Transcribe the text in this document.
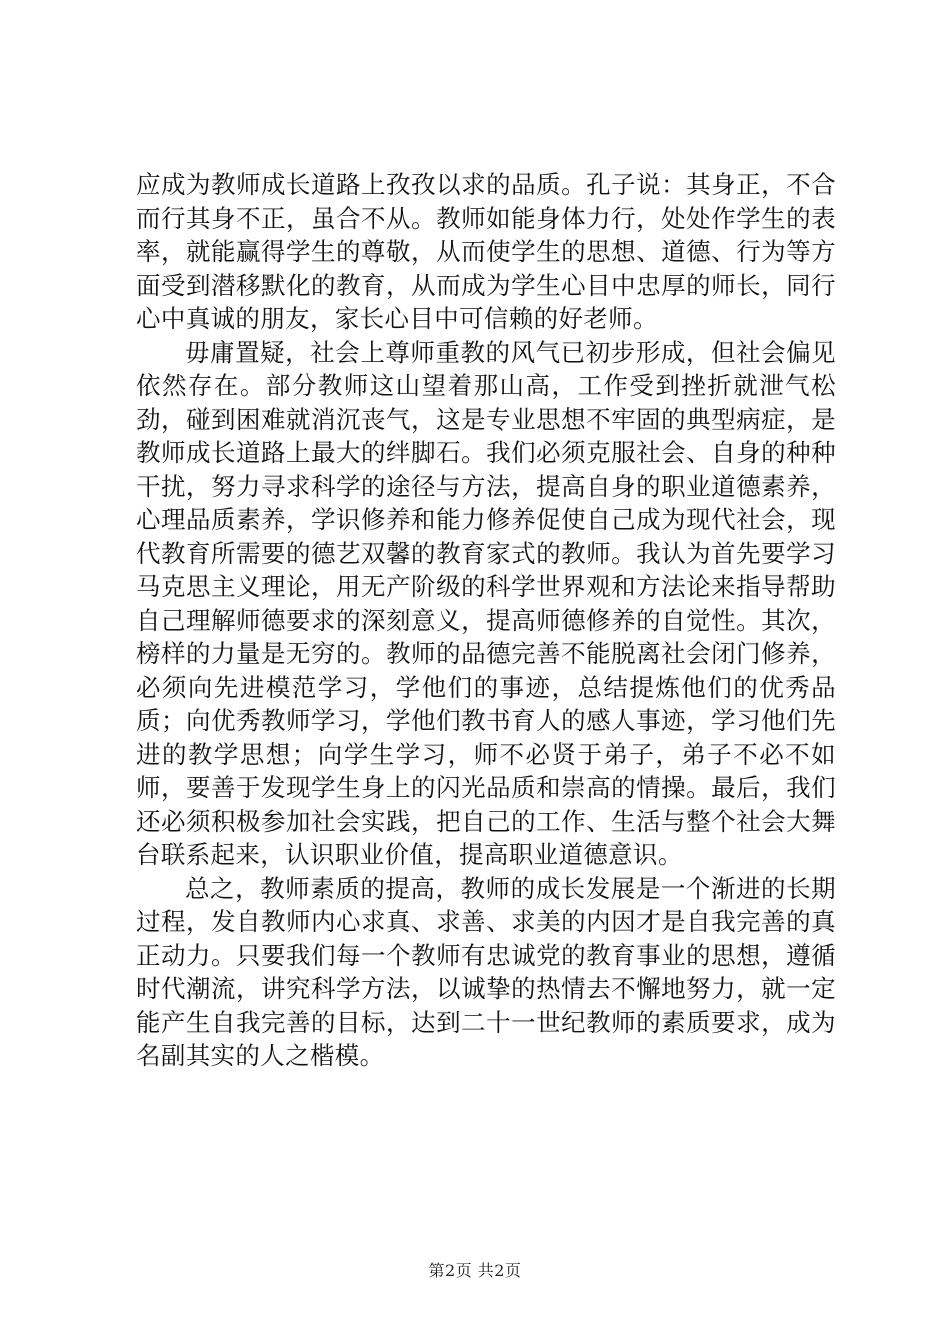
应成为教师成长道路上孜孜以求的品质。孔子说：其身正，不合而行其身不正，虽合不从。教师如能身体力行，处处作学生的表率，就能赢得学生的尊敬，从而使学生的思想、道德、行为等方面受到潜移默化的教育，从而成为学生心目中忠厚的师长，同行心中真诚的朋友，家长心目中可信赖的好老师。

毋庸置疑，社会上尊师重教的风气已初步形成，但社会偏见依然存在。部分教师这山望着那山高，工作受到挫折就泄气松劲，碰到困难就消沉丧气，这是专业思想不牢固的典型病症，是教师成长道路上最大的绊脚石。我们必须克服社会、自身的种种干扰，努力寻求科学的途径与方法，提高自身的职业道德素养，心理品质素养，学识修养和能力修养促使自己成为现代社会，现代教育所需要的德艺双馨的教育家式的教师。我认为首先要学习马克思主义理论，用无产阶级的科学世界观和方法论来指导帮助自己理解师德要求的深刻意义，提高师德修养的自觉性。其次，榜样的力量是无穷的。教师的品德完善不能脱离社会闭门修养，必须向先进模范学习，学他们的事迹，总结提炼他们的优秀品质；向优秀教师学习，学他们教书育人的感人事迹，学习他们先进的教学思想；向学生学习，师不必贤于弟子，弟子不必不如师，要善于发现学生身上的闪光品质和崇高的情操。最后，我们还必须积极参加社会实践，把自己的工作、生活与整个社会大舞台联系起来，认识职业价值，提高职业道德意识。

总之，教师素质的提高，教师的成长发展是一个渐进的长期过程，发自教师内心求真、求善、求美的内因才是自我完善的真正动力。只要我们每一个教师有忠诚党的教育事业的思想，遵循时代潮流，讲究科学方法，以诚挚的热情去不懈地努力，就一定能产生自我完善的目标，达到二十一世纪教师的素质要求，成为名副其实的人之楷模。

第2页 共2页
